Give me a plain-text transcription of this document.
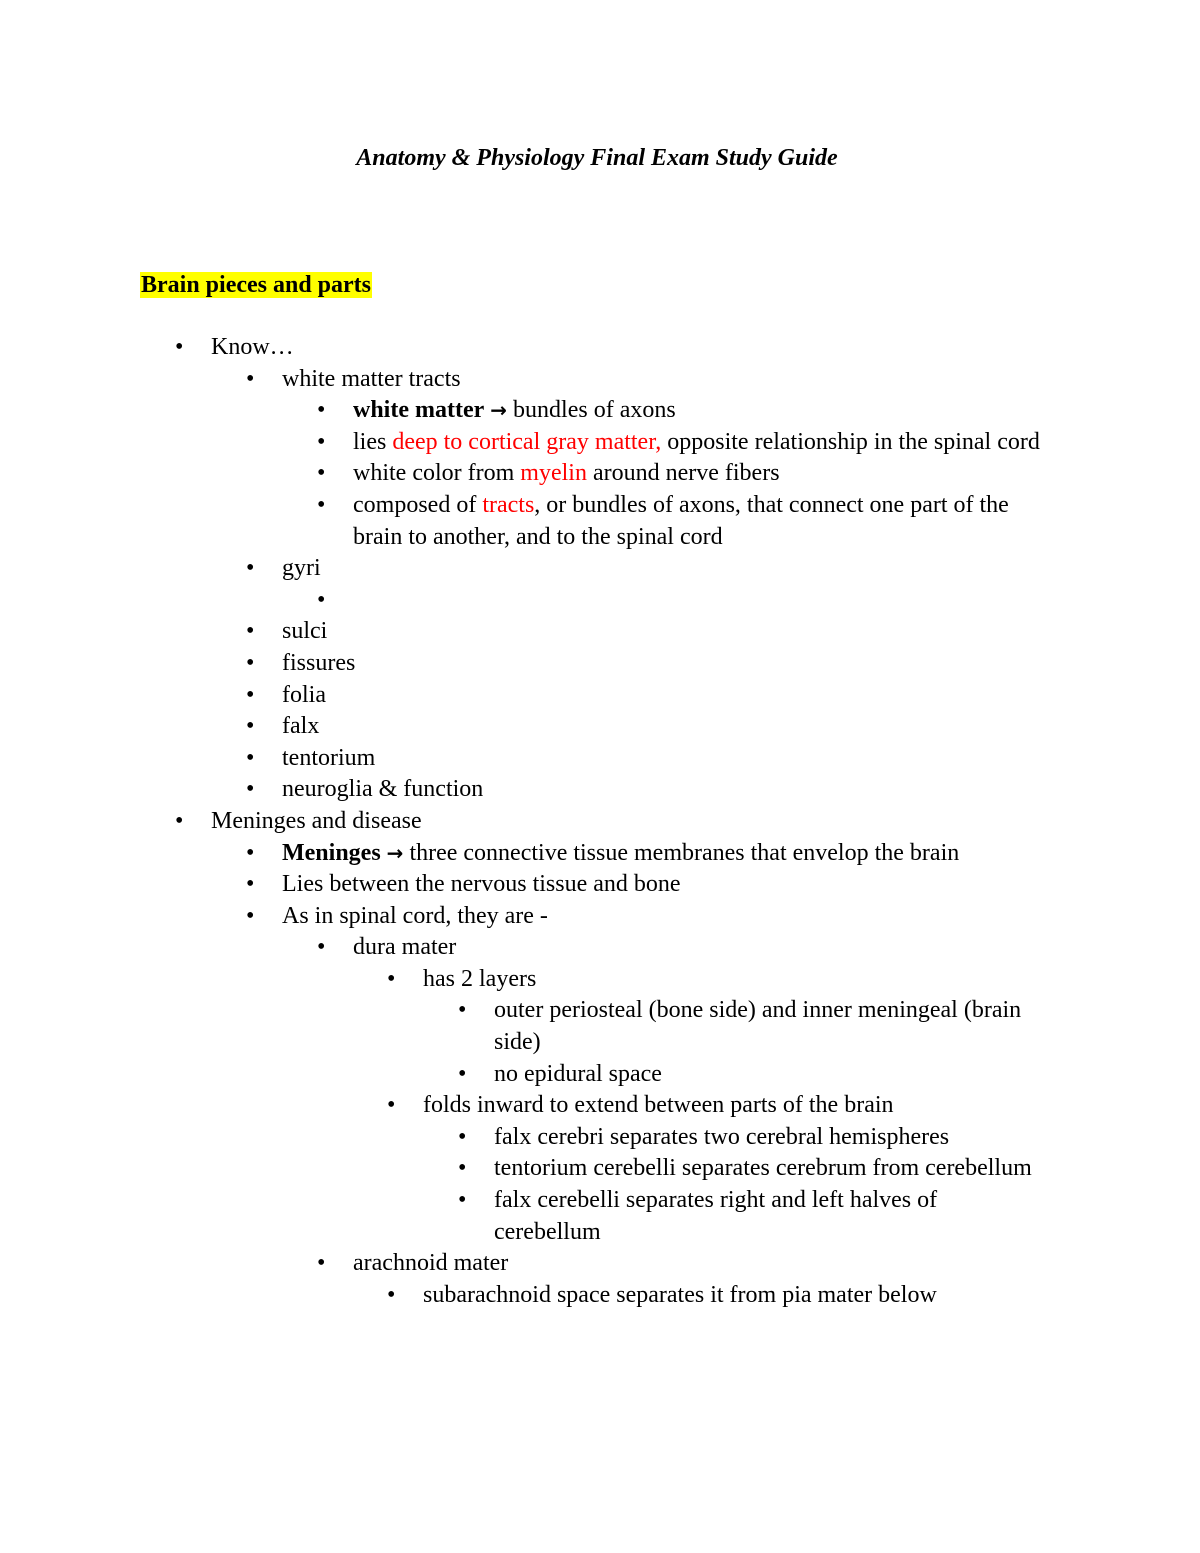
Anatomy & Physiology Final Exam Study Guide
Brain pieces and parts
• Know…
• white matter tracts
• white matter → bundles of axons
• lies deep to cortical gray matter, opposite relationship in the spinal cord
• white color from myelin around nerve fibers
• composed of tracts, or bundles of axons, that connect one part of the brain to another, and to the spinal cord
• gyri
•

• sulci
• fissures
• folia
• falx
• tentorium
• neuroglia & function
• Meninges and disease
• Meninges → three connective tissue membranes that envelop the brain
• Lies between the nervous tissue and bone
• As in spinal cord, they are -
• dura mater
• has 2 layers
• outer periosteal (bone side) and inner meningeal (brain side)
• no epidural space
• folds inward to extend between parts of the brain
• falx cerebri separates two cerebral hemispheres
• tentorium cerebelli separates cerebrum from cerebellum
• falx cerebelli separates right and left halves of cerebellum
• arachnoid mater
• subarachnoid space separates it from pia mater below
